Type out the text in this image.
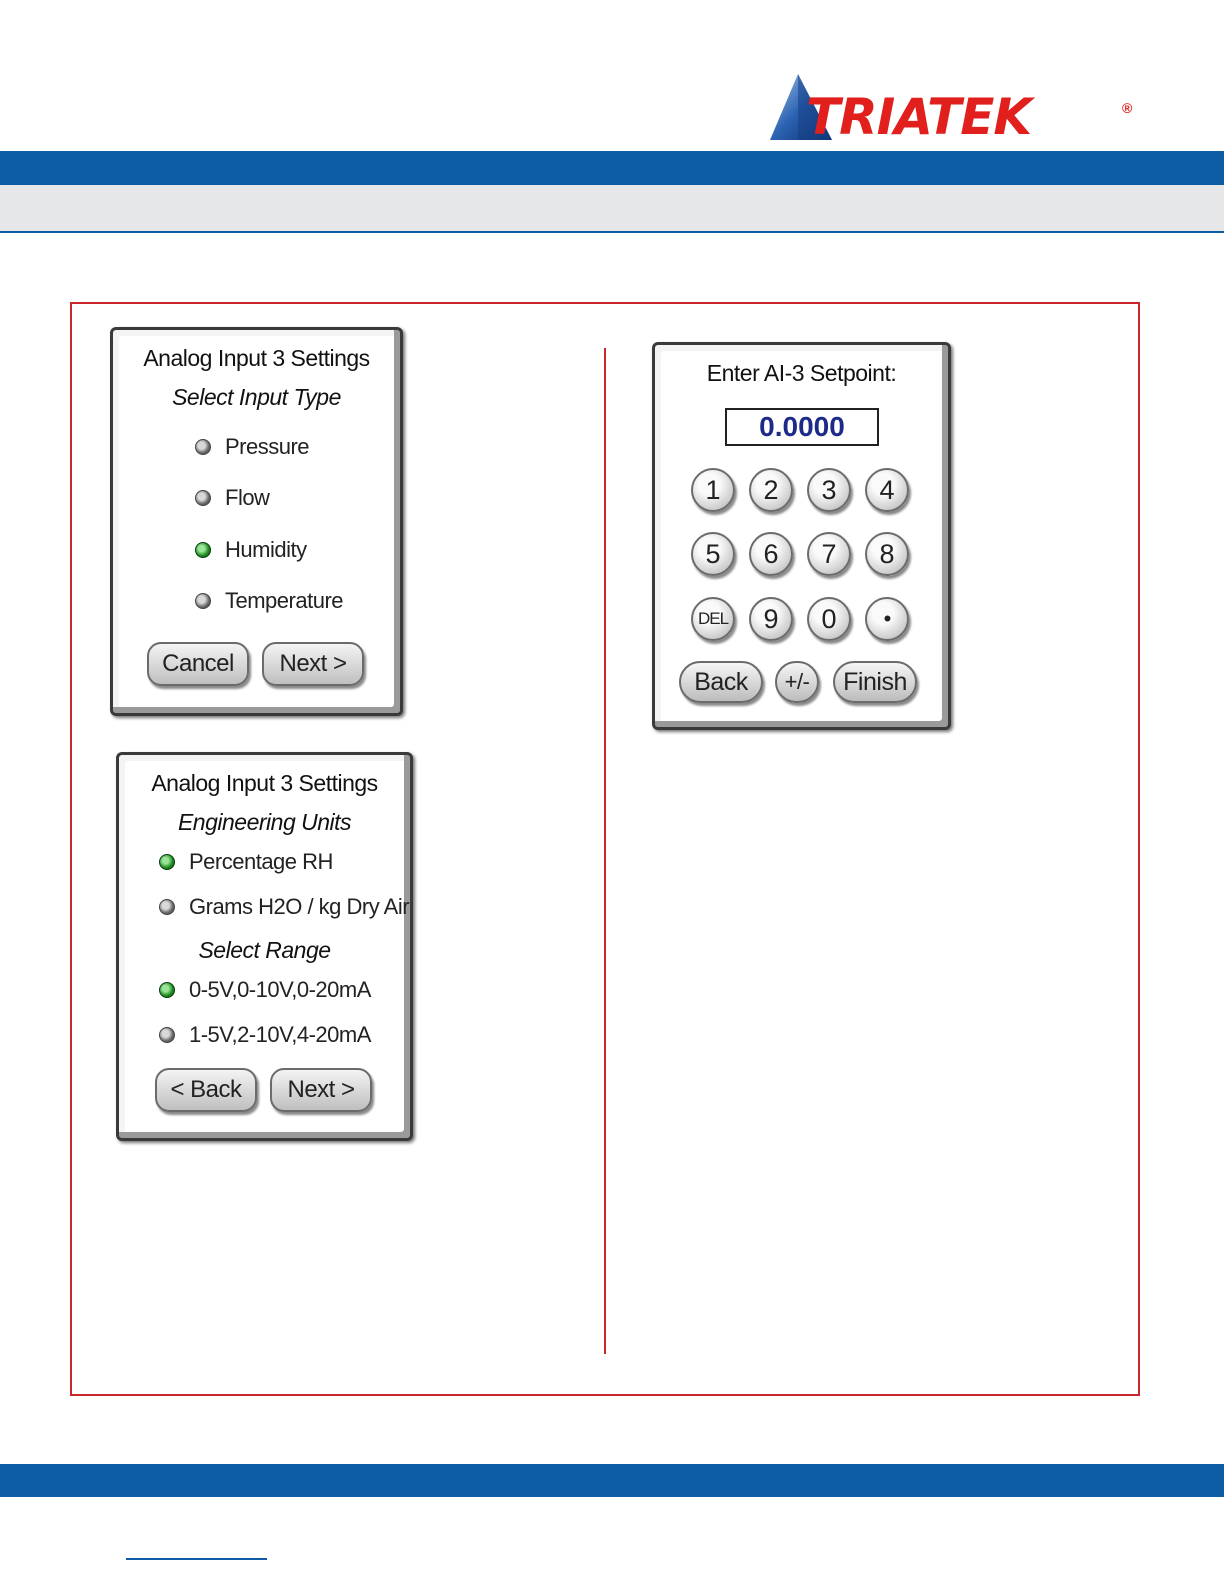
TRIATEK	®
Analog Input 3 Settings
Select Input Type
Pressure
Flow
Humidity
Temperature
Cancel	Next >
Analog Input 3 Settings
Engineering Units
Percentage RH
Grams H2O / kg Dry Air
Select Range
0-5V,0-10V,0-20mA
1-5V,2-10V,4-20mA
< Back	Next >
Enter AI-3 Setpoint:
0.0000
1	2	3	4
5	6	7	8
DEL	9	0	•
Back	+/-	Finish
